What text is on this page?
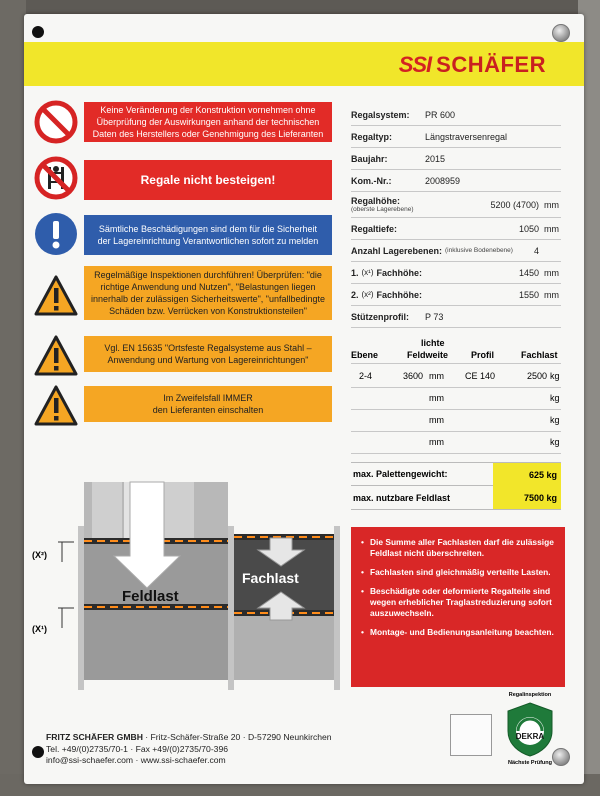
SSI SCHÄFER
Keine Veränderung der Konstruktion vornehmen ohne
Überprüfung der Auswirkungen anhand der technischen
Daten des Herstellers oder Genehmigung des Lieferanten
Regale nicht besteigen!
Sämtliche Beschädigungen sind dem für die Sicherheit
der Lagereinrichtung Verantwortlichen sofort zu melden
Regelmäßige Inspektionen durchführen! Überprüfen: "die
richtige Anwendung und Nutzen", "Belastungen liegen
innerhalb der zulässigen Sicherheitswerte", "unfallbedingte
Schäden bzw. Verrücken von Konstruktionsteilen"
Vgl. EN 15635 "Ortsfeste Regalsysteme aus Stahl –
Anwendung und Wartung von Lagereinrichtungen"
Im Zweifelsfall IMMER
den Lieferanten einschalten
Regalsystem: PR 600
Regaltyp:	Längstraversenregal
Baujahr:	2015
Kom.-Nr.:	2008959
Regalhöhe:
(oberste Lagerebene)	5200 (4700) mm
Regaltiefe:	1050 mm
Anzahl Lagerebenen: (inklusive Bodenebene) 4
1. (x¹) Fachhöhe:	1450 mm
2. (x²) Fachhöhe:	1550 mm
Stützenprofil: P 73
Ebene
lichte
Feldweite	Profil	Fachlast
2-4	3600 mm CE 140	2500 kg
mm	kg
mm	kg
mm	kg
max. Palettengewicht:	625 kg
max. nutzbare Feldlast	7500 kg
(X²)
(X¹)
Feldlast
Fachlast
• Die Summe aller Fachlasten darf die zulässige Feldlast nicht überschreiten.
• Fachlasten sind gleichmäßig verteilte Lasten.
• Beschädigte oder deformierte Regalteile sind wegen erheblicher Traglastreduzierung sofort auszuwechseln.
• Montage- und Bedienungsanleitung beachten.
FRITZ SCHÄFER GMBH · Fritz-Schäfer-Straße 20 · D-57290 Neunkirchen
Tel. +49/(0)2735/70-1 · Fax +49/(0)2735/70-396
info@ssi-schaefer.com · www.ssi-schaefer.com
Regalinspektion
DEKRA
Nächste Prüfung
